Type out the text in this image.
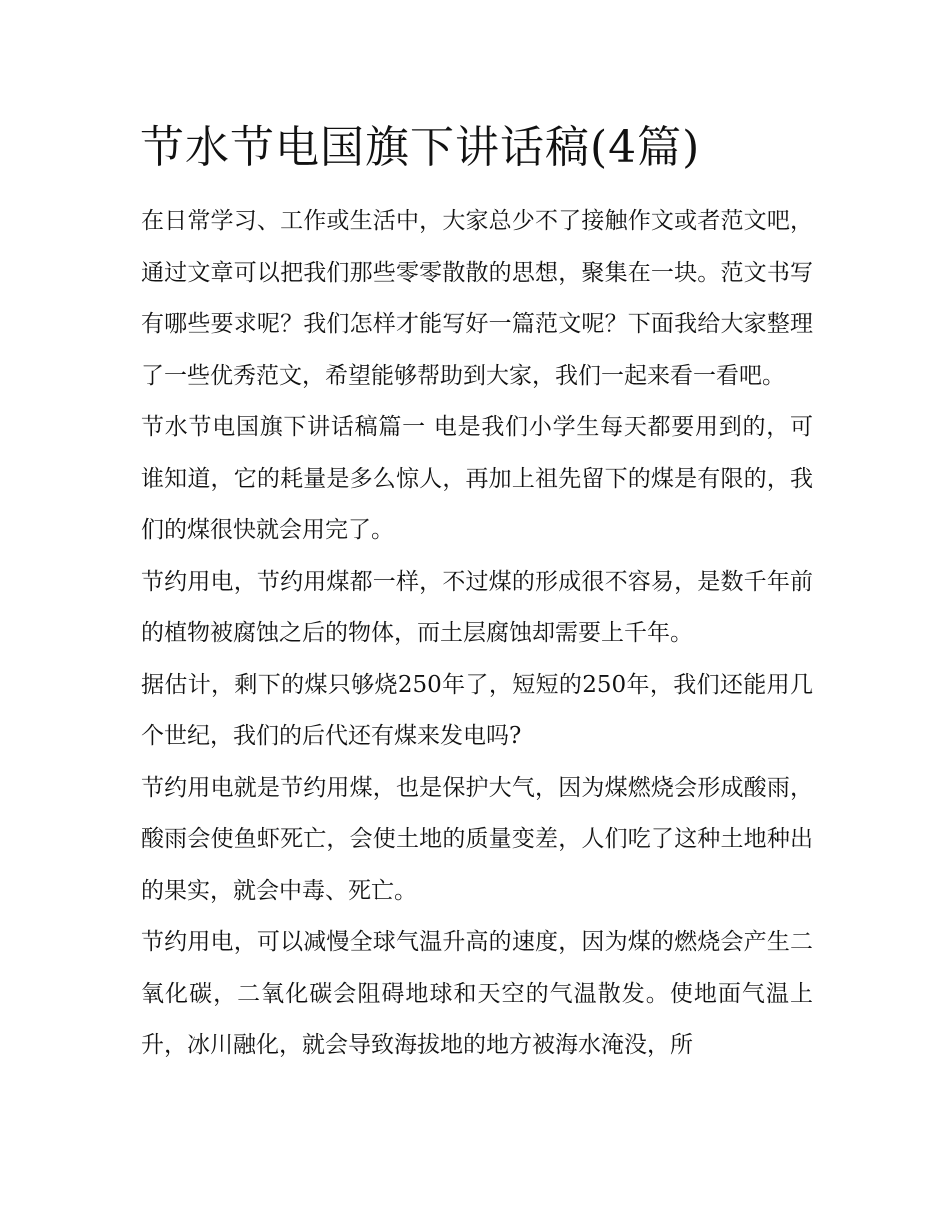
节水节电国旗下讲话稿(4篇)

在日常学习、工作或生活中，大家总少不了接触作文或者范文吧，通过文章可以把我们那些零零散散的思想，聚集在一块。范文书写有哪些要求呢？我们怎样才能写好一篇范文呢？下面我给大家整理了一些优秀范文，希望能够帮助到大家，我们一起来看一看吧。

节水节电国旗下讲话稿篇一 电是我们小学生每天都要用到的，可谁知道，它的耗量是多么惊人，再加上祖先留下的煤是有限的，我们的煤很快就会用完了。

节约用电，节约用煤都一样，不过煤的形成很不容易，是数千年前的植物被腐蚀之后的物体，而土层腐蚀却需要上千年。

据估计，剩下的煤只够烧250年了，短短的250年，我们还能用几个世纪，我们的后代还有煤来发电吗?

节约用电就是节约用煤，也是保护大气，因为煤燃烧会形成酸雨，酸雨会使鱼虾死亡，会使土地的质量变差，人们吃了这种土地种出的果实，就会中毒、死亡。

节约用电，可以减慢全球气温升高的速度，因为煤的燃烧会产生二氧化碳，二氧化碳会阻碍地球和天空的气温散发。使地面气温上升，冰川融化，就会导致海拔地的地方被海水淹没，所
